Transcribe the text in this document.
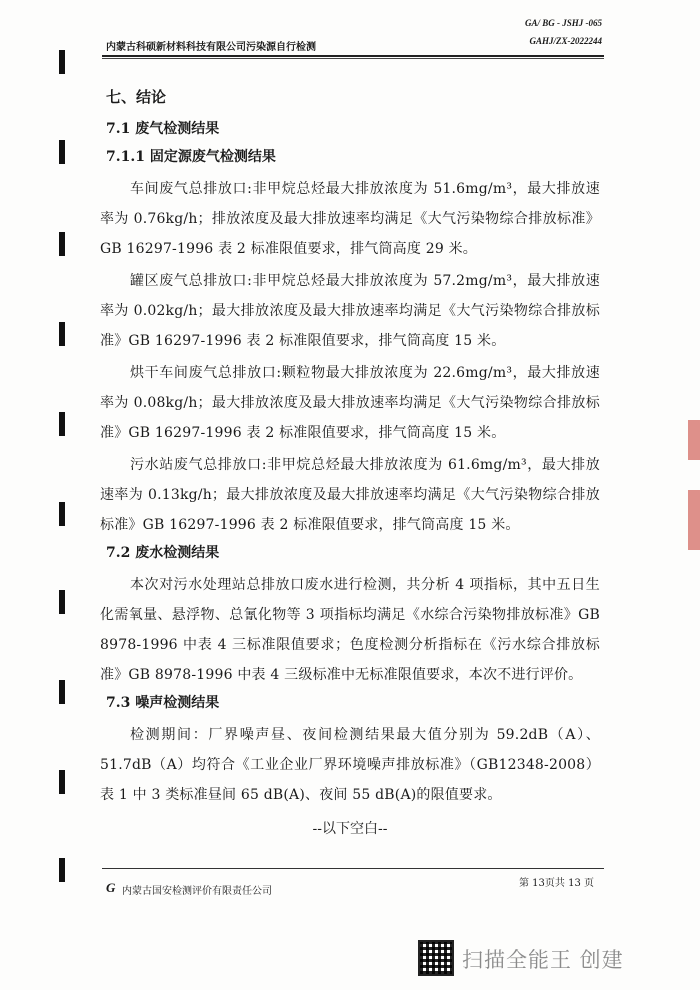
GA/ BG - JSHJ -065
GAHJ/ZX-2022244
内蒙古科硕新材料科技有限公司污染源自行检测
七、结论
7.1 废气检测结果
7.1.1 固定源废气检测结果

车间废气总排放口:非甲烷总烃最大排放浓度为 51.6mg/m³，最大排放速率为 0.76kg/h；排放浓度及最大排放速率均满足《大气污染物综合排放标准》GB 16297-1996 表 2 标准限值要求，排气筒高度 29 米。

罐区废气总排放口:非甲烷总烃最大排放浓度为 57.2mg/m³，最大排放速率为 0.02kg/h；最大排放浓度及最大排放速率均满足《大气污染物综合排放标准》GB 16297-1996 表 2 标准限值要求，排气筒高度 15 米。

烘干车间废气总排放口:颗粒物最大排放浓度为 22.6mg/m³，最大排放速率为 0.08kg/h；最大排放浓度及最大排放速率均满足《大气污染物综合排放标准》GB 16297-1996 表 2 标准限值要求，排气筒高度 15 米。

污水站废气总排放口:非甲烷总烃最大排放浓度为 61.6mg/m³，最大排放速率为 0.13kg/h；最大排放浓度及最大排放速率均满足《大气污染物综合排放标准》GB 16297-1996 表 2 标准限值要求，排气筒高度 15 米。

7.2 废水检测结果

本次对污水处理站总排放口废水进行检测，共分析 4 项指标，其中五日生化需氧量、悬浮物、总氰化物等 3 项指标均满足《水综合污染物排放标准》GB 8978-1996 中表 4 三标准限值要求；色度检测分析指标在《污水综合排放标准》GB 8978-1996 中表 4 三级标准中无标准限值要求，本次不进行评价。

7.3 噪声检测结果

检测期间：厂界噪声昼、夜间检测结果最大值分别为 59.2dB（A）、51.7dB（A）均符合《工业企业厂界环境噪声排放标准》（GB12348-2008）表 1 中 3 类标准昼间 65 dB(A)、夜间 55 dB(A)的限值要求。

--以下空白--
第 13页共 13 页
G 内蒙古国安检测评价有限责任公司
扫描全能王 创建
